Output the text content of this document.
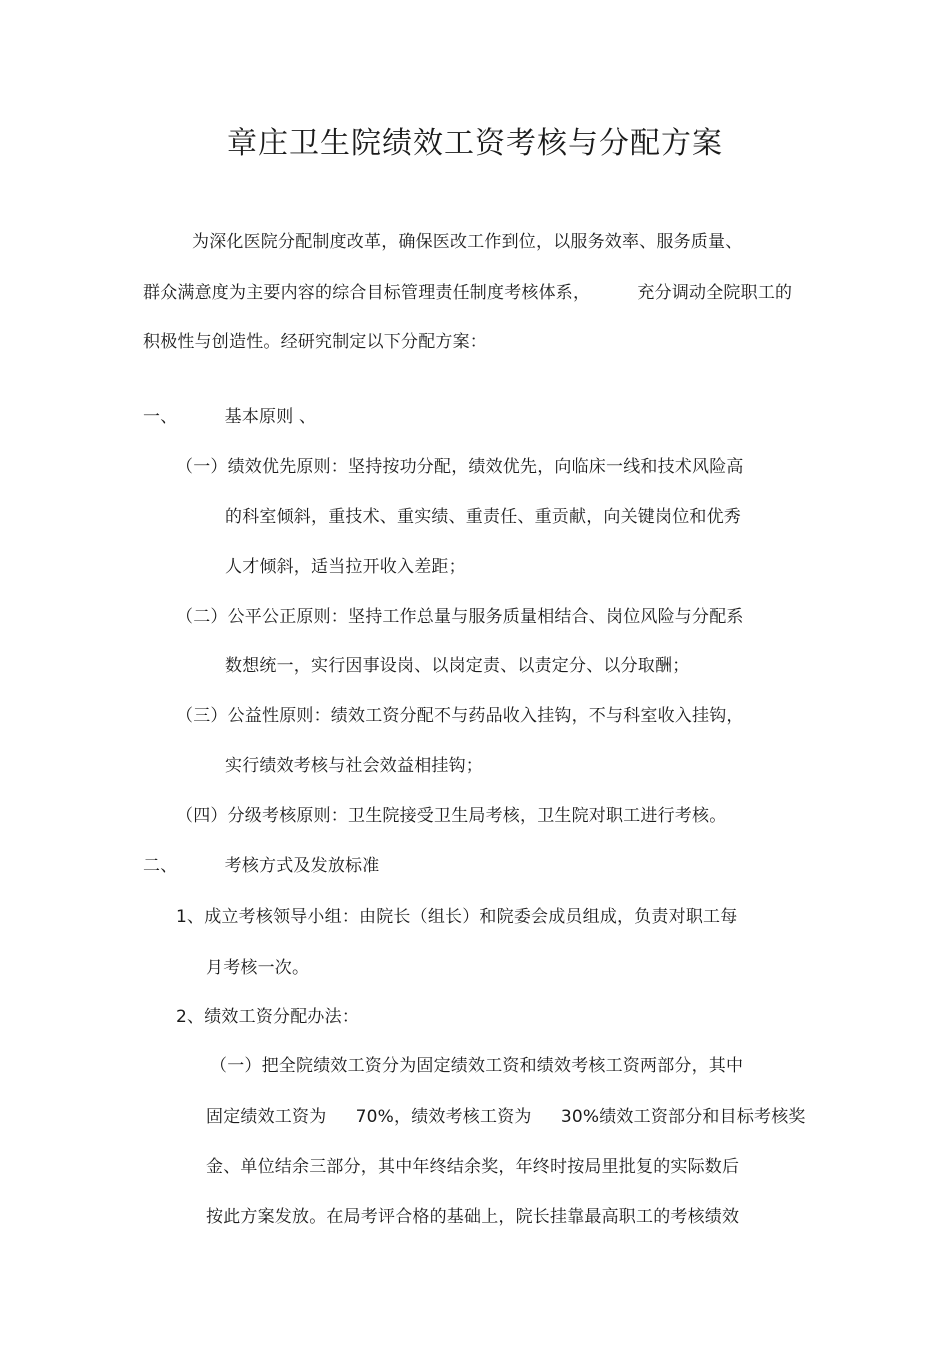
章庄卫生院绩效工资考核与分配方案
为深化医院分配制度改革，确保医改工作到位，以服务效率、服务质量、
群众满意度为主要内容的综合目标管理责任制度考核体系，	充分调动全院职工的
积极性与创造性。经研究制定以下分配方案：
一、	基本原则 、
（一）绩效优先原则：坚持按功分配，绩效优先，向临床一线和技术风险高
的科室倾斜，重技术、重实绩、重责任、重贡献，向关键岗位和优秀
人才倾斜，适当拉开收入差距；
（二）公平公正原则：坚持工作总量与服务质量相结合、岗位风险与分配系
数想统一，实行因事设岗、以岗定责、以责定分、以分取酬；
（三）公益性原则：绩效工资分配不与药品收入挂钩，不与科室收入挂钩，
实行绩效考核与社会效益相挂钩；
（四）分级考核原则：卫生院接受卫生局考核，卫生院对职工进行考核。
二、	考核方式及发放标准
1、成立考核领导小组：由院长（组长）和院委会成员组成，负责对职工每
月考核一次。
2、绩效工资分配办法：
（一）把全院绩效工资分为固定绩效工资和绩效考核工资两部分，其中
固定绩效工资为 70%，绩效考核工资为 30%绩效工资部分和目标考核奖
金、单位结余三部分，其中年终结余奖，年终时按局里批复的实际数后
按此方案发放。在局考评合格的基础上，院长挂靠最高职工的考核绩效
